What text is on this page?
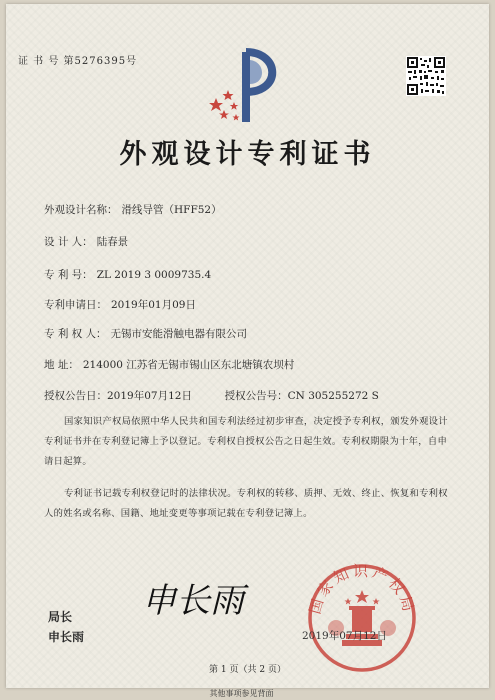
证 书 号 第5276395号
外观设计专利证书
外观设计名称： 滑线导管（HFF52）
设 计 人： 陆春景
专 利 号： ZL 2019 3 0009735.4
专利申请日： 2019年01月09日
专 利 权 人： 无锡市安能滑触电器有限公司
地 址： 214000 江苏省无锡市锡山区东北塘镇农坝村
授权公告日：2019年07月12日	授权公告号：CN 305255272 S
国家知识产权局依照中华人民共和国专利法经过初步审查，决定授予专利权，颁发外观设计专利证书并在专利登记簿上予以登记。专利权自授权公告之日起生效。专利权期限为十年，自申请日起算。
专利证书记载专利权登记时的法律状况。专利权的转移、质押、无效、终止、恢复和专利权人的姓名或名称、国籍、地址变更等事项记载在专利登记簿上。
申长雨
局长
申长雨
国家知识产权局
2019年07月12日
第 1 页（共 2 页）
其他事项参见背面
